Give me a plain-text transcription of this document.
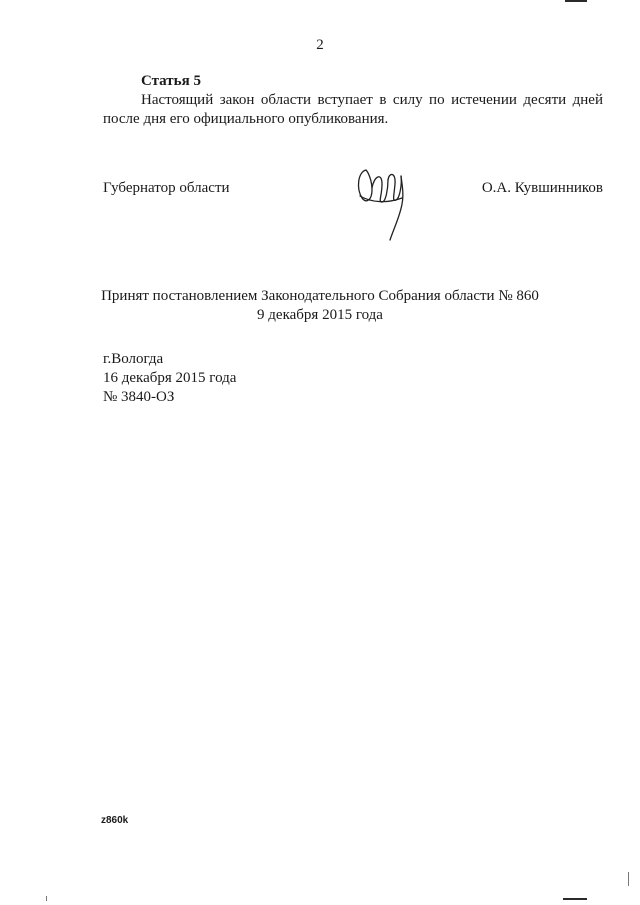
2
Статья 5
Настоящий закон области вступает в силу по истечении десяти дней после дня его официального опубликования.
Губернатор области	О.А. Кувшинников
Принят постановлением Законодательного Собрания области № 860
9 декабря 2015 года
г.Вологда
16 декабря 2015 года
№ 3840-ОЗ
z860k
